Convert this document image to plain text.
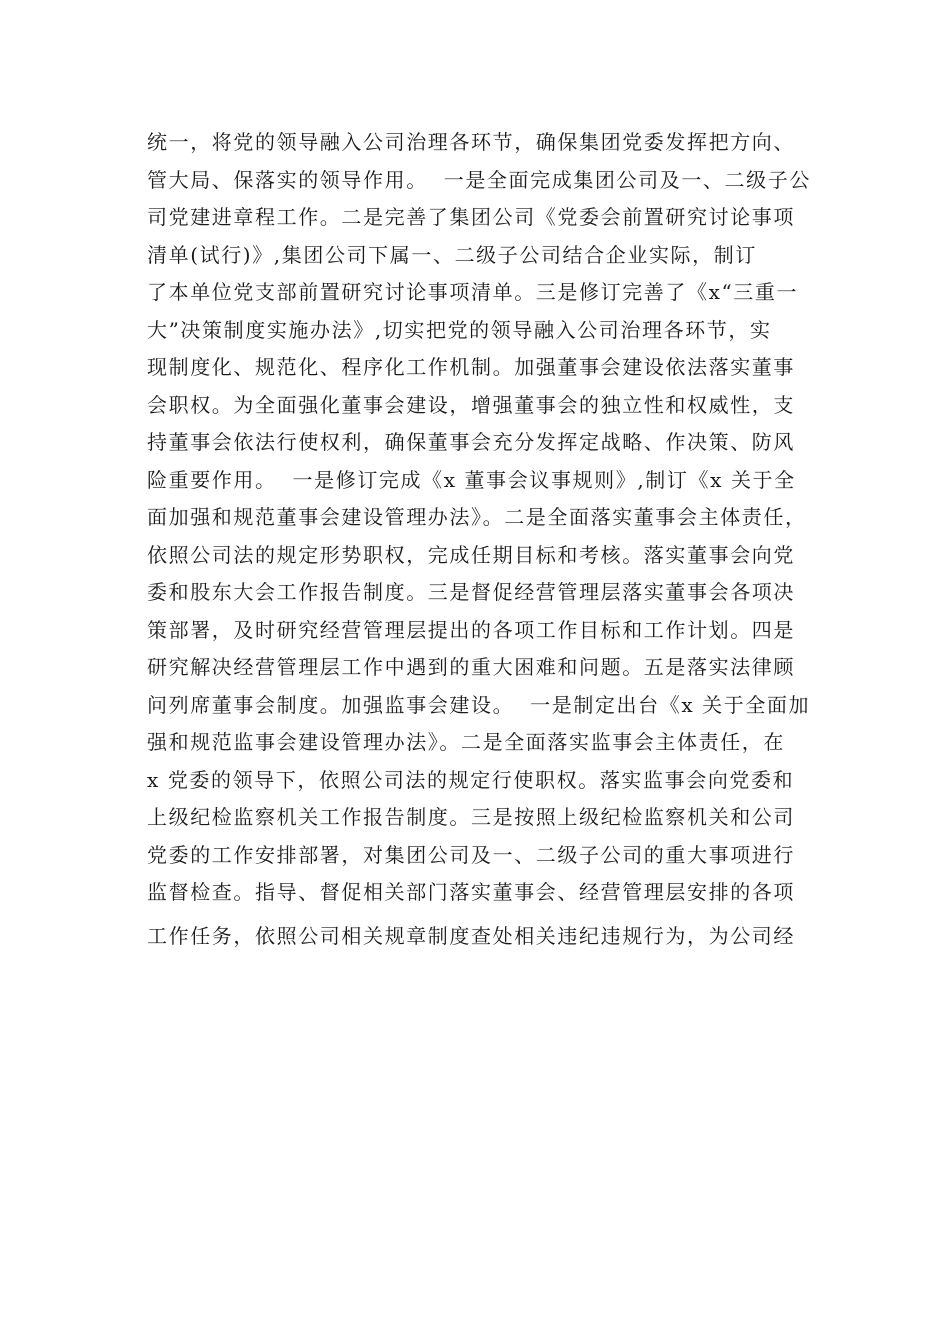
统一，将党的领导融入公司治理各环节，确保集团党委发挥把方向、
管大局、保落实的领导作用。  一是全面完成集团公司及一、二级子公
司党建进章程工作。二是完善了集团公司《党委会前置研究讨论事项
清单(试行)》,集团公司下属一、二级子公司结合企业实际，制订
了本单位党支部前置研究讨论事项清单。三是修订完善了《x“三重一
大”决策制度实施办法》,切实把党的领导融入公司治理各环节，实
现制度化、规范化、程序化工作机制。加强董事会建设依法落实董事
会职权。为全面强化董事会建设，增强董事会的独立性和权威性，支
持董事会依法行使权利，确保董事会充分发挥定战略、作决策、防风
险重要作用。  一是修订完成《x 董事会议事规则》,制订《x 关于全
面加强和规范董事会建设管理办法》。二是全面落实董事会主体责任，
依照公司法的规定形势职权，完成任期目标和考核。落实董事会向党
委和股东大会工作报告制度。三是督促经营管理层落实董事会各项决
策部署，及时研究经营管理层提出的各项工作目标和工作计划。四是
研究解决经营管理层工作中遇到的重大困难和问题。五是落实法律顾
问列席董事会制度。加强监事会建设。  一是制定出台《x 关于全面加
强和规范监事会建设管理办法》。二是全面落实监事会主体责任，在
x 党委的领导下，依照公司法的规定行使职权。落实监事会向党委和
上级纪检监察机关工作报告制度。三是按照上级纪检监察机关和公司
党委的工作安排部署，对集团公司及一、二级子公司的重大事项进行
监督检查。指导、督促相关部门落实董事会、经营管理层安排的各项
工作任务，依照公司相关规章制度查处相关违纪违规行为，为公司经
